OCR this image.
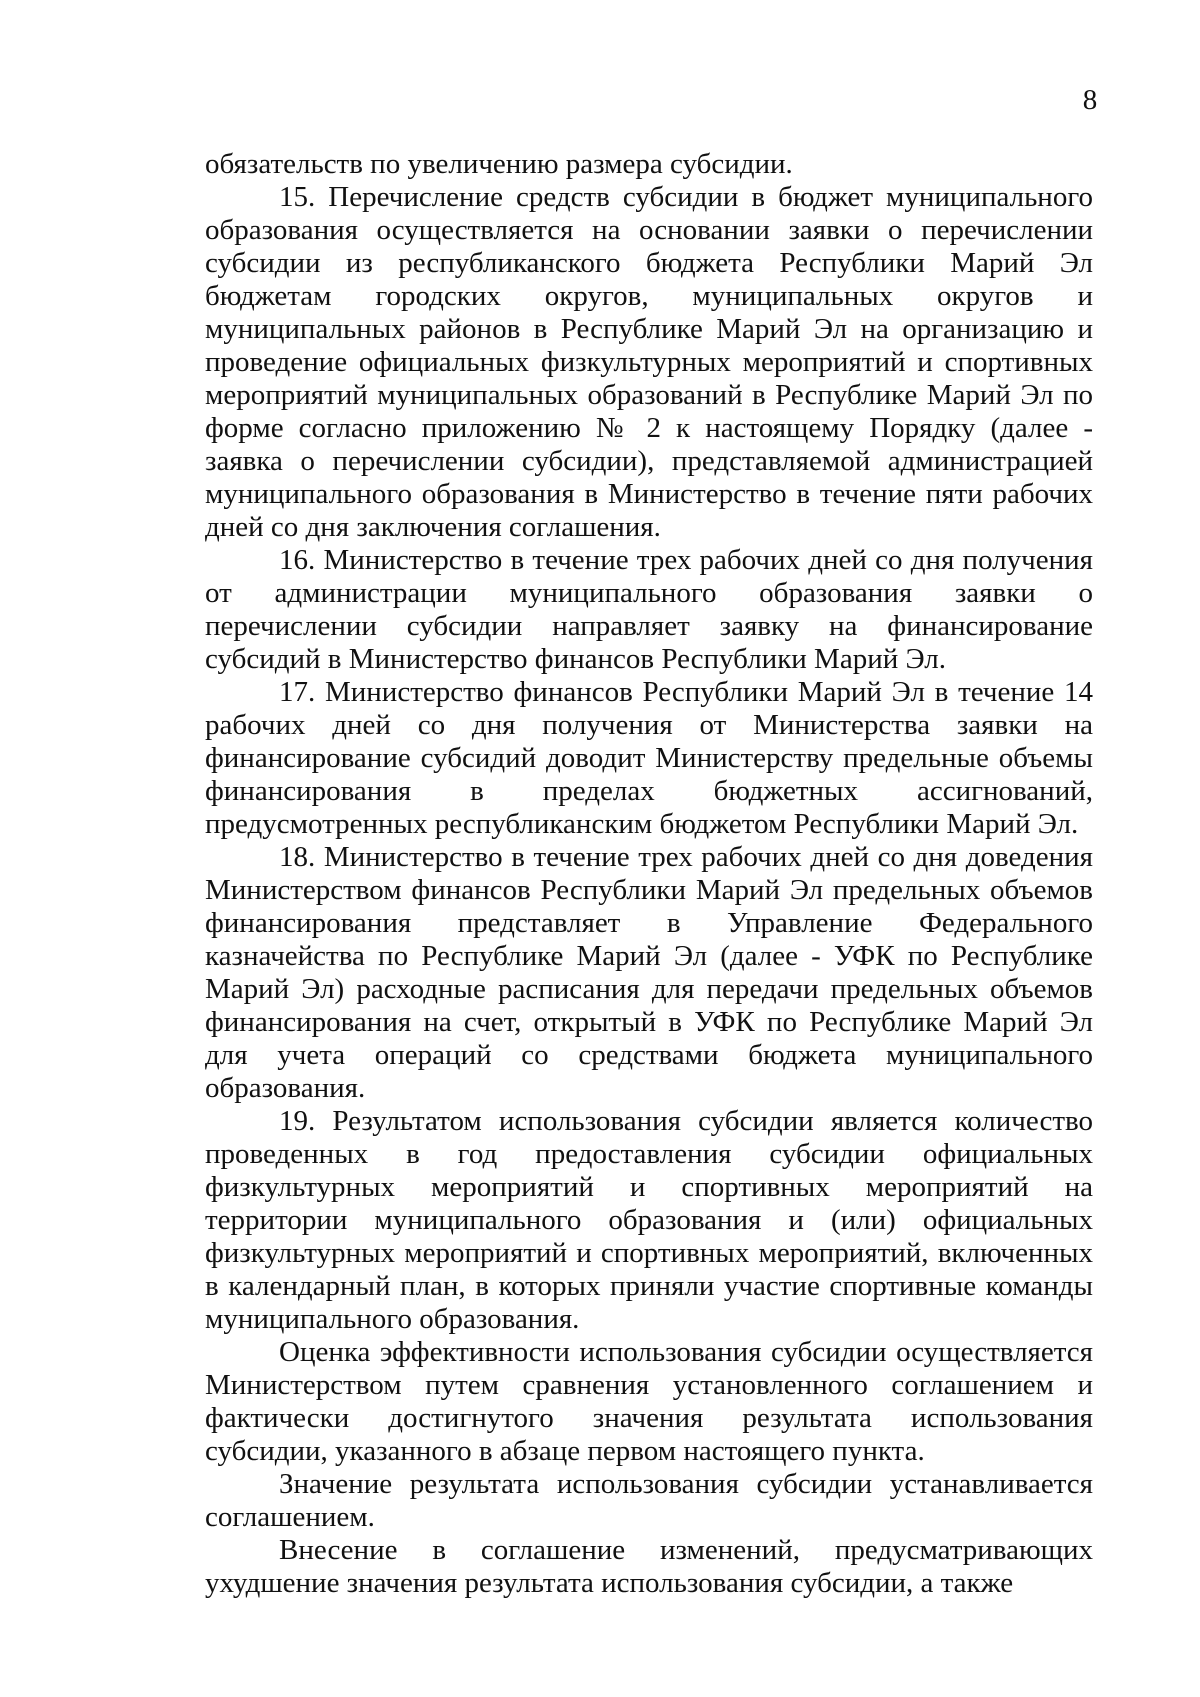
8

обязательств по увеличению размера субсидии.

15. Перечисление средств субсидии в бюджет муниципального образования осуществляется на основании заявки о перечислении субсидии из республиканского бюджета Республики Марий Эл бюджетам городских округов, муниципальных округов и муниципальных районов в Республике Марий Эл на организацию и проведение официальных физкультурных мероприятий и спортивных мероприятий муниципальных образований в Республике Марий Эл по форме согласно приложению № 2 к настоящему Порядку (далее - заявка о перечислении субсидии), представляемой администрацией муниципального образования в Министерство в течение пяти рабочих дней со дня заключения соглашения.

16. Министерство в течение трех рабочих дней со дня получения от администрации муниципального образования заявки о перечислении субсидии направляет заявку на финансирование субсидий в Министерство финансов Республики Марий Эл.

17. Министерство финансов Республики Марий Эл в течение 14 рабочих дней со дня получения от Министерства заявки на финансирование субсидий доводит Министерству предельные объемы финансирования в пределах бюджетных ассигнований, предусмотренных республиканским бюджетом Республики Марий Эл.

18. Министерство в течение трех рабочих дней со дня доведения Министерством финансов Республики Марий Эл предельных объемов финансирования представляет в Управление Федерального казначейства по Республике Марий Эл (далее - УФК по Республике Марий Эл) расходные расписания для передачи предельных объемов финансирования на счет, открытый в УФК по Республике Марий Эл для учета операций со средствами бюджета муниципального образования.

19. Результатом использования субсидии является количество проведенных в год предоставления субсидии официальных физкультурных мероприятий и спортивных мероприятий на территории муниципального образования и (или) официальных физкультурных мероприятий и спортивных мероприятий, включенных в календарный план, в которых приняли участие спортивные команды муниципального образования.

Оценка эффективности использования субсидии осуществляется Министерством путем сравнения установленного соглашением и фактически достигнутого значения результата использования субсидии, указанного в абзаце первом настоящего пункта.

Значение результата использования субсидии устанавливается соглашением.

Внесение в соглашение изменений, предусматривающих ухудшение значения результата использования субсидии, а также
